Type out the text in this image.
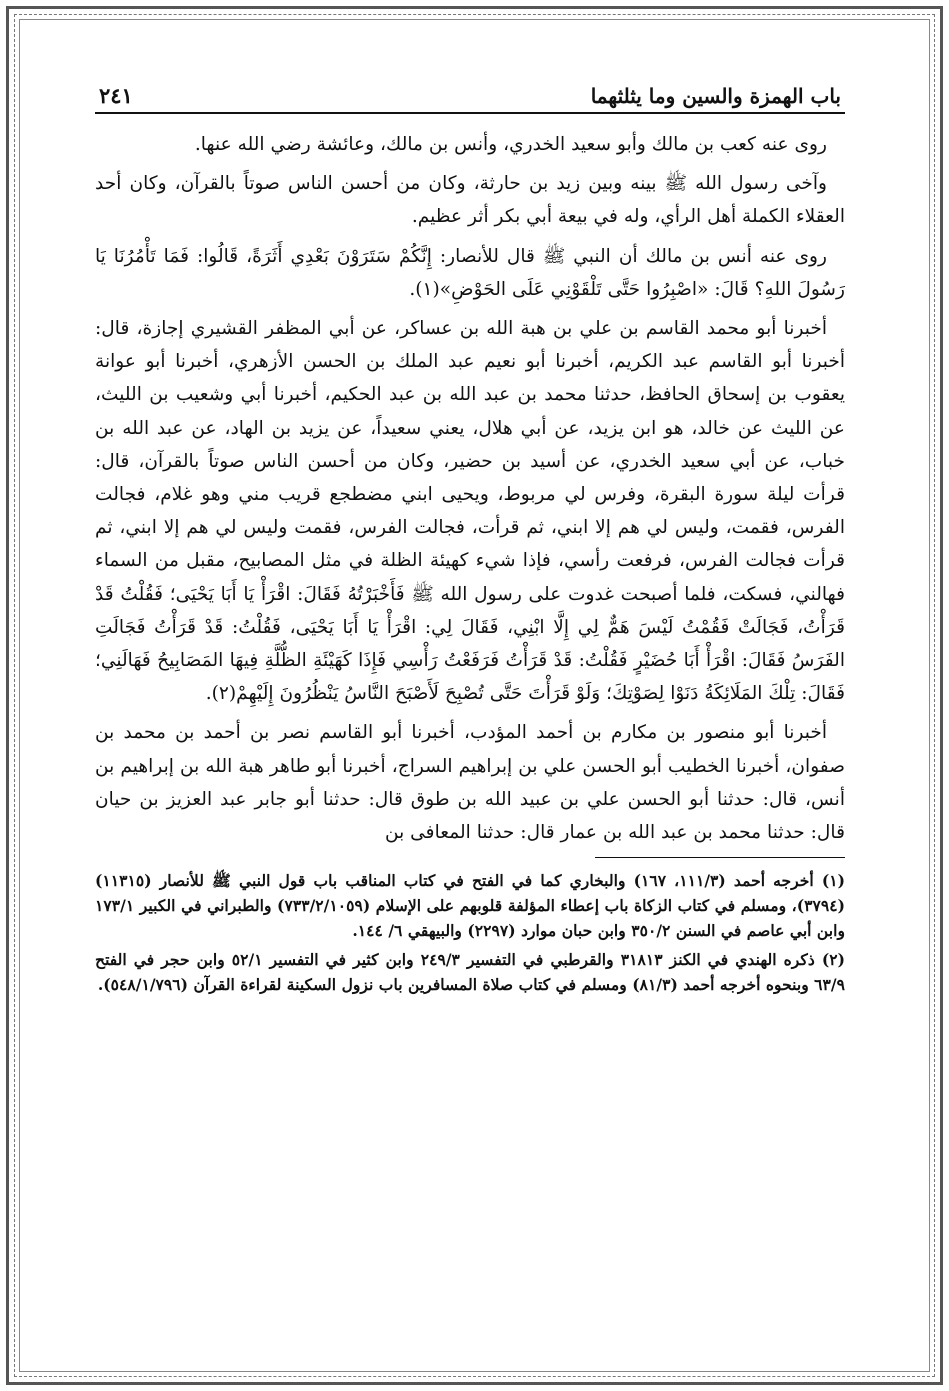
باب الهمزة والسين وما يثلثهما
٢٤١

روى عنه كعب بن مالك وأبو سعيد الخدري، وأنس بن مالك، وعائشة رضي الله عنها.

وآخى رسول الله ﷺ بينه وبين زيد بن حارثة، وكان من أحسن الناس صوتاً بالقرآن، وكان أحد العقلاء الكملة أهل الرأي، وله في بيعة أبي بكر أثر عظيم.

روى عنه أنس بن مالك أن النبي ﷺ قال للأنصار: إِنَّكُمْ سَتَرَوْنَ بَعْدِي أَثَرَةً، قَالُوا: فَمَا تَأْمُرُنَا يَا رَسُولَ اللهِ؟ قَالَ: «اصْبِرُوا حَتَّى تَلْقَوْنِي عَلَى الحَوْضِ»(١).

أخبرنا أبو محمد القاسم بن علي بن هبة الله بن عساكر، عن أبي المظفر القشيري إجازة، قال: أخبرنا أبو القاسم عبد الكريم، أخبرنا أبو نعيم عبد الملك بن الحسن الأزهري، أخبرنا أبو عوانة يعقوب بن إسحاق الحافظ، حدثنا محمد بن عبد الله بن عبد الحكيم، أخبرنا أبي وشعيب بن الليث، عن الليث عن خالد، هو ابن يزيد، عن أبي هلال، يعني سعيداً، عن يزيد بن الهاد، عن عبد الله بن خباب، عن أبي سعيد الخدري، عن أسيد بن حضير، وكان من أحسن الناس صوتاً بالقرآن، قال: قرأت ليلة سورة البقرة، وفرس لي مربوط، ويحيى ابني مضطجع قريب مني وهو غلام، فجالت الفرس، فقمت، وليس لي هم إلا ابني، ثم قرأت، فجالت الفرس، فقمت وليس لي هم إلا ابني، ثم قرأت فجالت الفرس، فرفعت رأسي، فإذا شيء كهيئة الظلة في مثل المصابيح، مقبل من السماء فهالني، فسكت، فلما أصبحت غدوت على رسول الله ﷺ فَأَخْبَرْتُهُ فَقَالَ: اقْرَأْ يَا أَبَا يَحْيَى؛ فَقُلْتُ قَدْ قَرَأْتُ، فَجَالَتْ فَقُمْتُ لَيْسَ هَمٌّ لِي إِلَّا ابْنِي، فَقَالَ لِي: اقْرَأْ يَا أَبَا يَحْيَى، فَقُلْتُ: قَدْ قَرَأْتُ فَجَالَتِ الفَرَسُ فَقَالَ: اقْرَأْ أَبَا حُضَيْرٍ فَقُلْتُ: قَدْ قَرَأْتُ فَرَفَعْتُ رَأْسِي فَإِذَا كَهَيْئَةِ الظُّلَّةِ فِيهَا المَصَابِيحُ فَهَالَنِي؛ فَقَالَ: تِلْكَ المَلَائِكَةُ دَنَوْا لِصَوْتِكَ؛ وَلَوْ قَرَأْتَ حَتَّى تُصْبِحَ لَأَصْبَحَ النَّاسُ يَنْظُرُونَ إِلَيْهِمْ(٢).

أخبرنا أبو منصور بن مكارم بن أحمد المؤدب، أخبرنا أبو القاسم نصر بن أحمد بن محمد بن صفوان، أخبرنا الخطيب أبو الحسن علي بن إبراهيم السراج، أخبرنا أبو طاهر هبة الله بن إبراهيم بن أنس، قال: حدثنا أبو الحسن علي بن عبيد الله بن طوق قال: حدثنا أبو جابر عبد العزيز بن حيان قال: حدثنا محمد بن عبد الله بن عمار قال: حدثنا المعافى بن

(١) أخرجه أحمد (١١١/٣، ١٦٧) والبخاري كما في الفتح في كتاب المناقب باب قول النبي ﷺ للأنصار (١١٣١٥) (٣٧٩٤)، ومسلم في كتاب الزكاة باب إعطاء المؤلفة قلوبهم على الإسلام (٧٣٣/٢/١٠٥٩) والطبراني في الكبير ١٧٣/١ وابن أبي عاصم في السنن ٣٥٠/٢ وابن حبان موارد (٢٢٩٧) والبيهقي ٦/ ١٤٤.

(٢) ذكره الهندي في الكنز ٣١٨١٣ والقرطبي في التفسير ٢٤٩/٣ وابن كثير في التفسير ٥٢/١ وابن حجر في الفتح ٦٣/٩ وبنحوه أخرجه أحمد (٨١/٣) ومسلم في كتاب صلاة المسافرين باب نزول السكينة لقراءة القرآن (٥٤٨/١/٧٩٦).
